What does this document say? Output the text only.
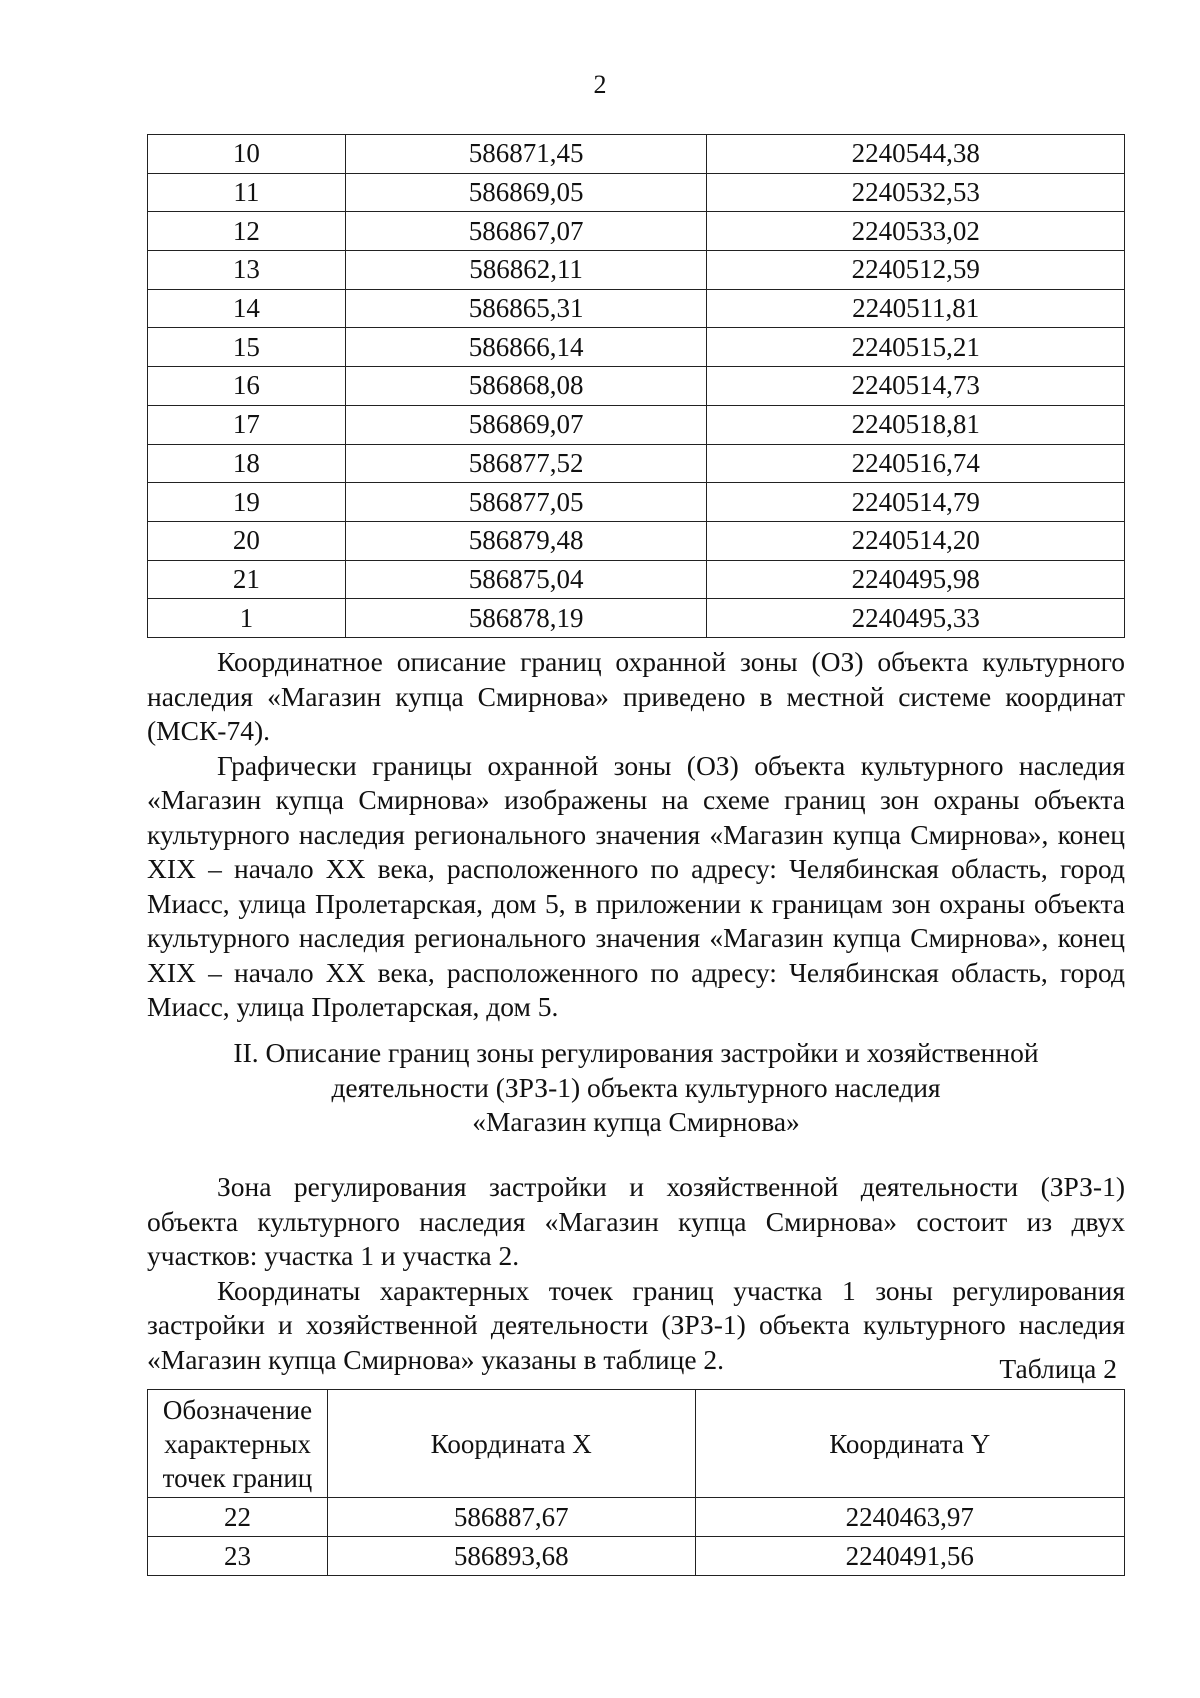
2
10	586871,45	2240544,38
11	586869,05	2240532,53
12	586867,07	2240533,02
13	586862,11	2240512,59
14	586865,31	2240511,81
15	586866,14	2240515,21
16	586868,08	2240514,73
17	586869,07	2240518,81
18	586877,52	2240516,74
19	586877,05	2240514,79
20	586879,48	2240514,20
21	586875,04	2240495,98
1	586878,19	2240495,33

Координатное описание границ охранной зоны (ОЗ) объекта культурного наследия «Магазин купца Смирнова» приведено в местной системе координат (МСК-74).

Графически границы охранной зоны (ОЗ) объекта культурного наследия «Магазин купца Смирнова» изображены на схеме границ зон охраны объекта культурного наследия регионального значения «Магазин купца Смирнова», конец XIX – начало XX века, расположенного по адресу: Челябинская область, город Миасс, улица Пролетарская, дом 5, в приложении к границам зон охраны объекта культурного наследия регионального значения «Магазин купца Смирнова», конец XIX – начало XX века, расположенного по адресу: Челябинская область, город Миасс, улица Пролетарская, дом 5.

II. Описание границ зоны регулирования застройки и хозяйственной
деятельности (ЗРЗ-1) объекта культурного наследия
«Магазин купца Смирнова»

Зона регулирования застройки и хозяйственной деятельности (ЗРЗ-1) объекта культурного наследия «Магазин купца Смирнова» состоит из двух участков: участка 1 и участка 2.

Координаты характерных точек границ участка 1 зоны регулирования застройки и хозяйственной деятельности (ЗРЗ-1) объекта культурного наследия «Магазин купца Смирнова» указаны в таблице 2.	Таблица 2
Обозначение
характерных
точек границ	Координата X	Координата Y
22	586887,67	2240463,97
23	586893,68	2240491,56
